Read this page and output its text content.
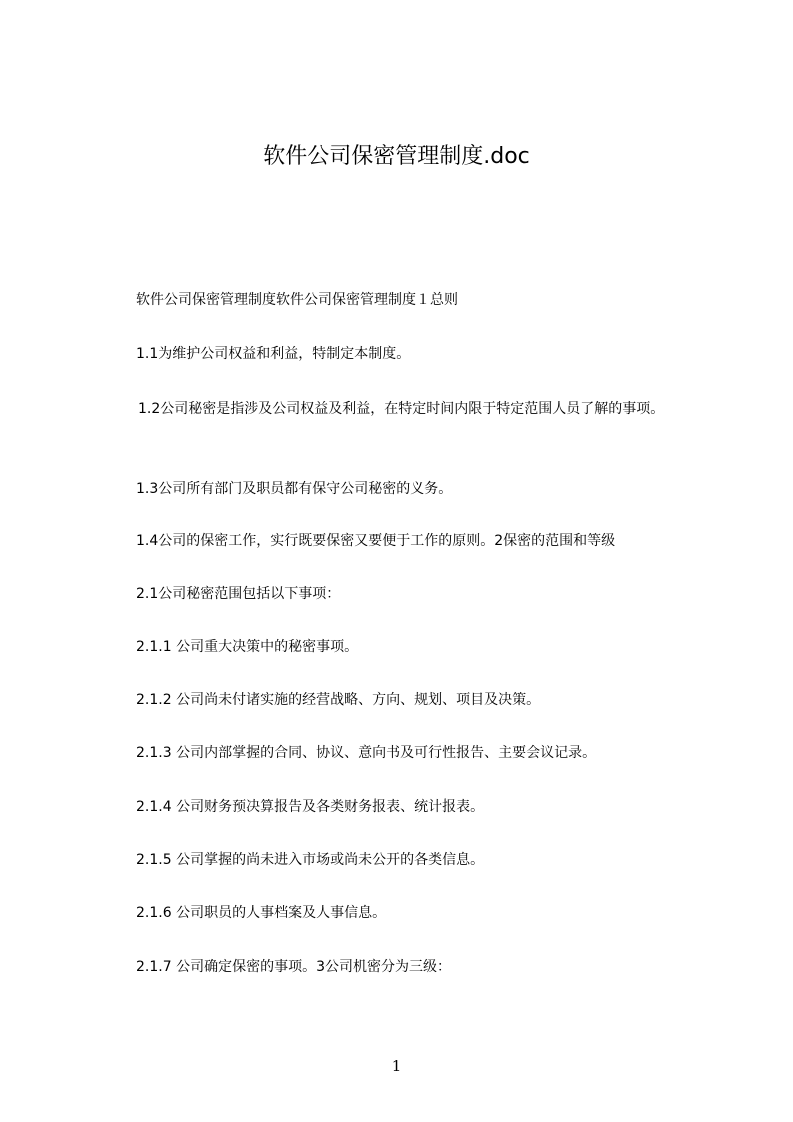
软件公司保密管理制度.doc
软件公司保密管理制度软件公司保密管理制度１总则
1.1为维护公司权益和利益，特制定本制度。
1.2公司秘密是指涉及公司权益及利益，在特定时间内限于特定范围人员了解的事项。
1.3公司所有部门及职员都有保守公司秘密的义务。
1.4公司的保密工作，实行既要保密又要便于工作的原则。2保密的范围和等级
2.1公司秘密范围包括以下事项：
2.1.1 公司重大决策中的秘密事项。
2.1.2 公司尚未付诸实施的经营战略、方向、规划、项目及决策。
2.1.3 公司内部掌握的合同、协议、意向书及可行性报告、主要会议记录。
2.1.4 公司财务预决算报告及各类财务报表、统计报表。
2.1.5 公司掌握的尚未进入市场或尚未公开的各类信息。
2.1.6 公司职员的人事档案及人事信息。
2.1.7 公司确定保密的事项。3公司机密分为三级：
1
